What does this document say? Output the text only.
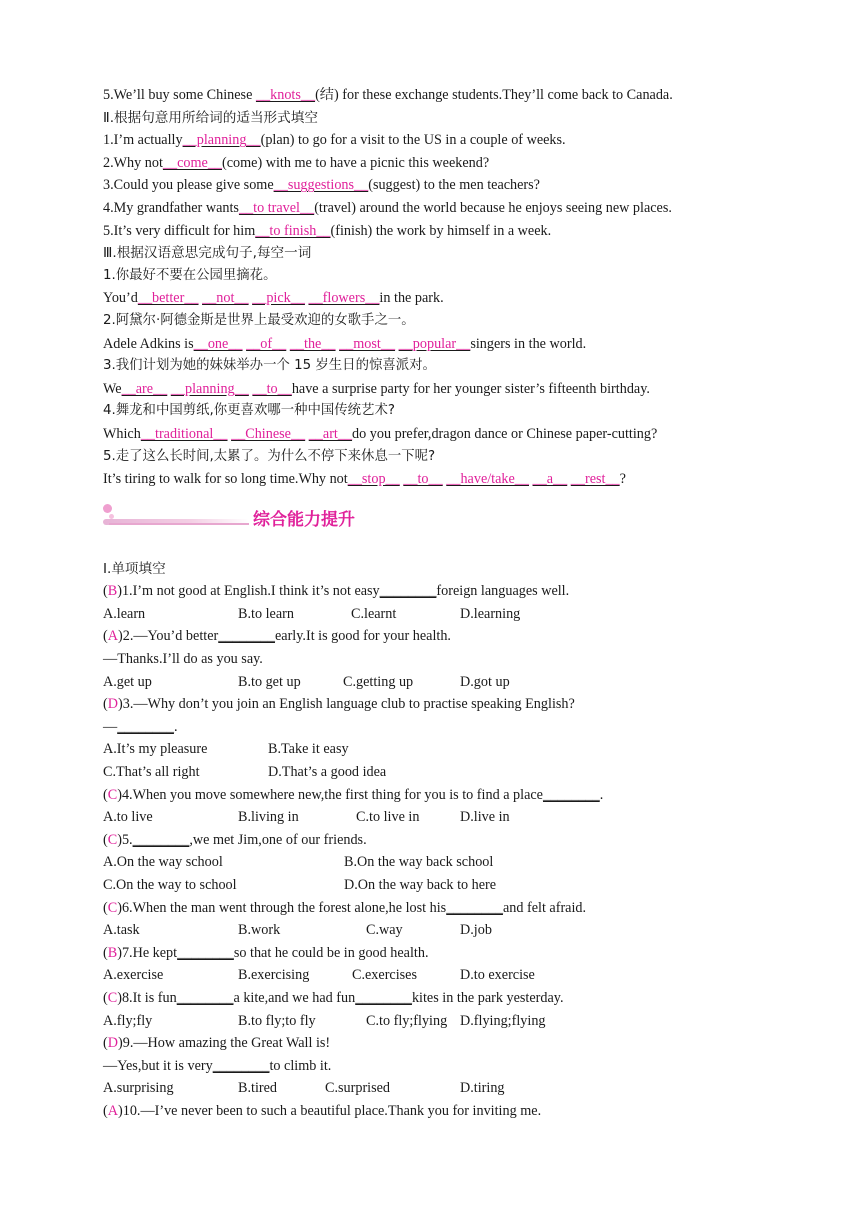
5.We’ll buy some Chinese __knots__(结) for these exchange students.They’ll come back to Canada.
Ⅱ.根据句意用所给词的适当形式填空
1.I’m actually__planning__(plan) to go for a visit to the US in a couple of weeks.
2.Why not__come__(come) with me to have a picnic this weekend?
3.Could you please give some__suggestions__(suggest) to the men teachers?
4.My grandfather wants__to travel__(travel) around the world because he enjoys seeing new places.
5.It’s very difficult for him__to finish__(finish) the work by himself in a week.
Ⅲ.根据汉语意思完成句子,每空一词
1.你最好不要在公园里摘花。
You’d__better__ __not__ __pick__ __flowers__in the park.
2.阿黛尔·阿德金斯是世界上最受欢迎的女歌手之一。
Adele Adkins is__one__ __of__ __the__ __most__ __popular__singers in the world.
3.我们计划为她的妹妹举办一个 15 岁生日的惊喜派对。
We__are__ __planning__ __to__have a surprise party for her younger sister’s fifteenth birthday.
4.舞龙和中国剪纸,你更喜欢哪一种中国传统艺术?
Which__traditional__ __Chinese__ __art__do you prefer,dragon dance or Chinese paper-cutting?
5.走了这么长时间,太累了。为什么不停下来休息一下呢?
It’s tiring to walk for so long time.Why not__stop__ __to__ __have/take__ __a__ __rest__?
综合能力提升
Ⅰ.单项填空
(B)1.I’m not good at English.I think it’s not easy________foreign languages well.
A.learn	B.to learn	C.learnt	D.learning
(A)2.—You’d better________early.It is good for your health.
—Thanks.I’ll do as you say.
A.get up	B.to get up	C.getting up	D.got up
(D)3.—Why don’t you join an English language club to practise speaking English?
—________.
A.It’s my pleasure	B.Take it easy
C.That’s all right	D.That’s a good idea
(C)4.When you move somewhere new,the first thing for you is to find a place________.
A.to live	B.living in	C.to live in	D.live in
(C)5.________,we met Jim,one of our friends.
A.On the way school	B.On the way back school
C.On the way to school	D.On the way back to here
(C)6.When the man went through the forest alone,he lost his________and felt afraid.
A.task	B.work	C.way	D.job
(B)7.He kept________so that he could be in good health.
A.exercise	B.exercising	C.exercises	D.to exercise
(C)8.It is fun________a kite,and we had fun________kites in the park yesterday.
A.fly;fly	B.to fly;to fly	C.to fly;flying D.flying;flying
(D)9.—How amazing the Great Wall is!
—Yes,but it is very________to climb it.
A.surprising	B.tired	C.surprised	D.tiring
(A)10.—I’ve never been to such a beautiful place.Thank you for inviting me.
